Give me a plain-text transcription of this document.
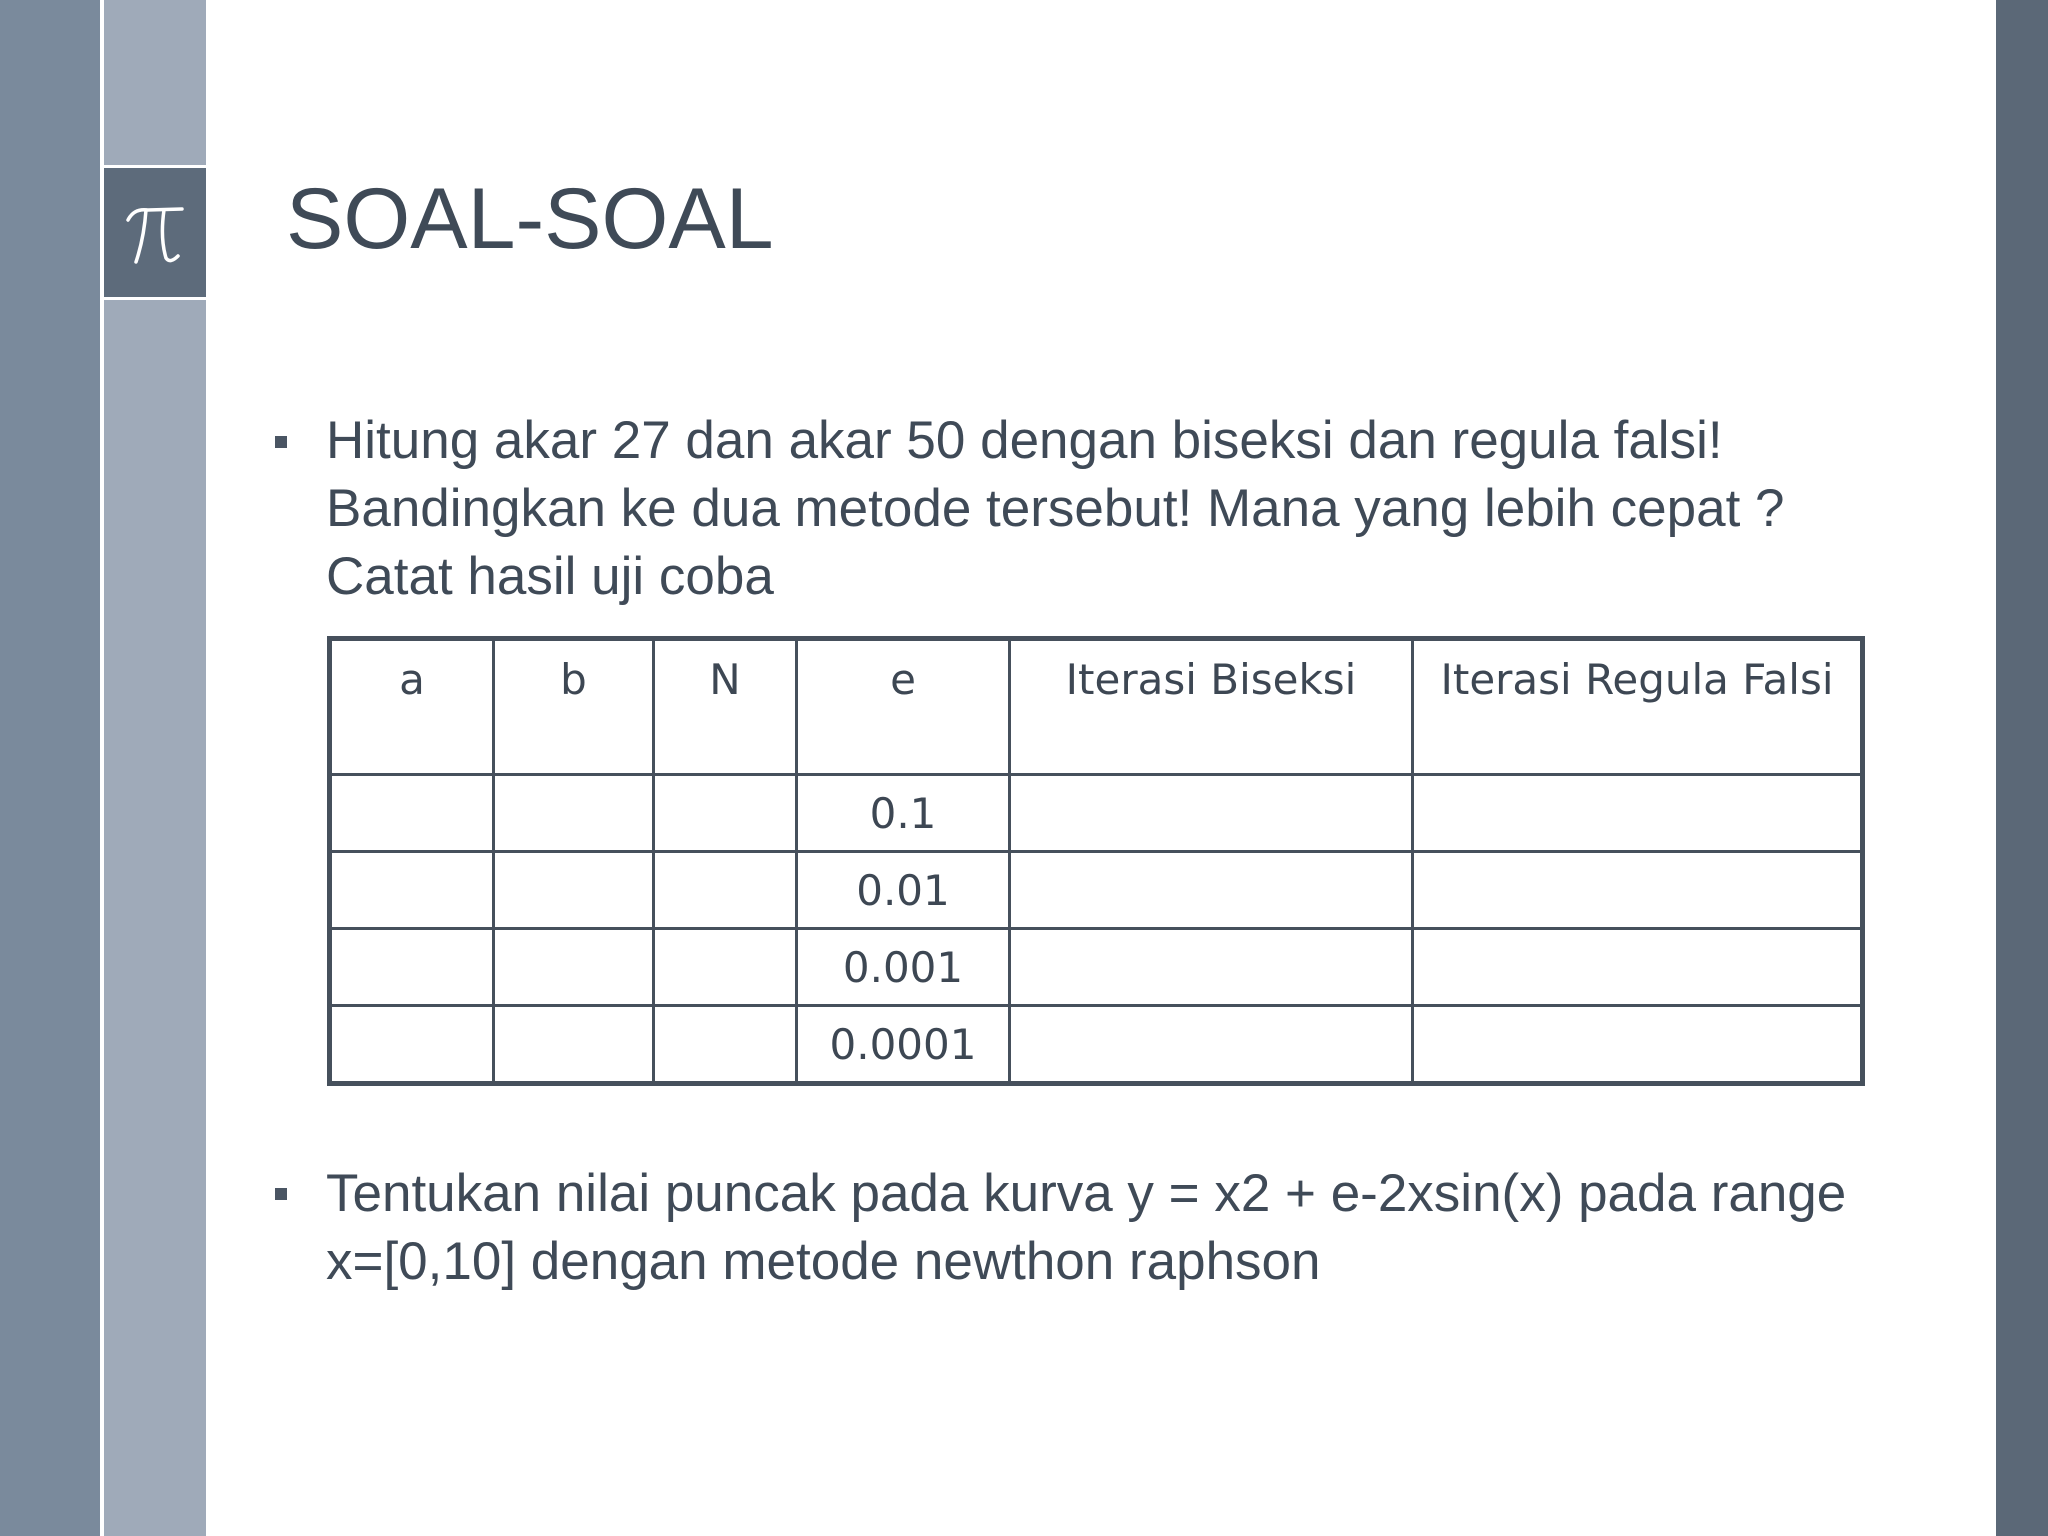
SOAL-SOAL
Hitung akar 27 dan akar 50 dengan biseksi dan regula falsi! Bandingkan ke dua metode tersebut! Mana yang lebih cepat ? Catat hasil uji coba
a	b	N	e	Iterasi Biseksi	Iterasi Regula Falsi
			0.1		
			0.01		
			0.001		
			0.0001		
Tentukan nilai puncak pada kurva y = x2 + e-2xsin(x) pada range x=[0,10] dengan metode newthon raphson
